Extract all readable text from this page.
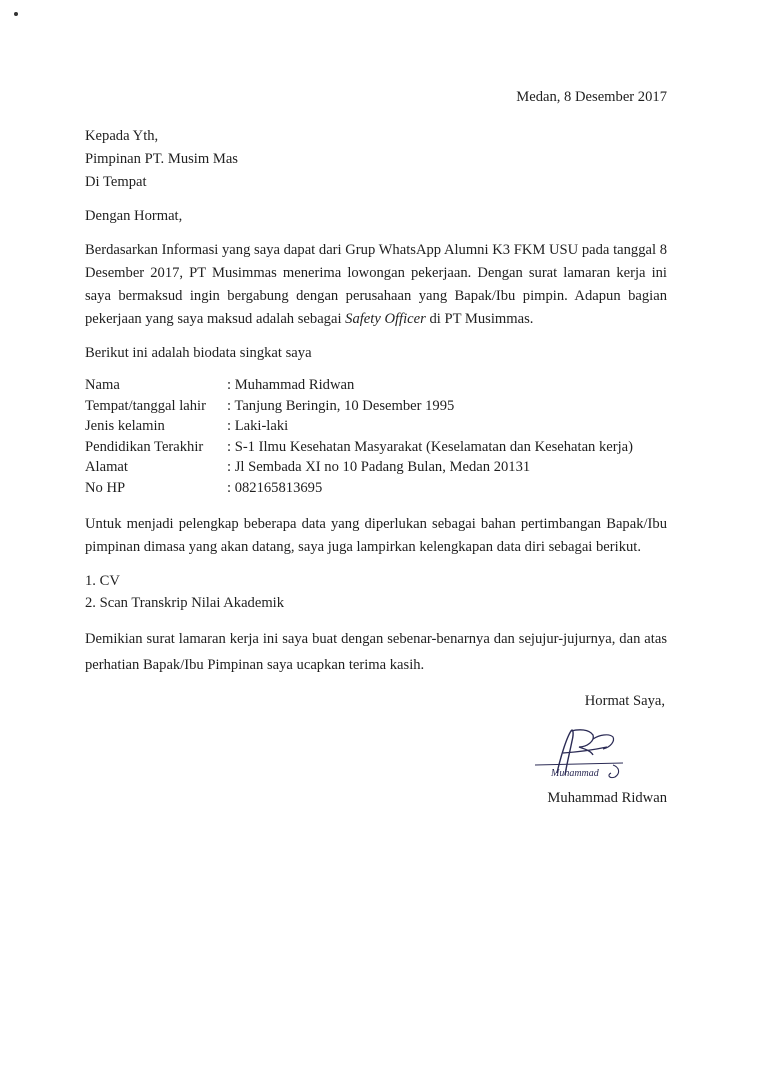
Medan, 8 Desember 2017
Kepada Yth,
Pimpinan PT. Musim Mas
Di Tempat
Dengan Hormat,
Berdasarkan Informasi yang saya dapat dari Grup WhatsApp Alumni K3 FKM USU pada tanggal 8 Desember 2017, PT Musimmas menerima lowongan pekerjaan. Dengan surat lamaran kerja ini saya bermaksud ingin bergabung dengan perusahaan yang Bapak/Ibu pimpin. Adapun bagian pekerjaan yang saya maksud adalah sebagai Safety Officer di PT Musimmas.
Berikut ini adalah biodata singkat saya
Nama	: Muhammad Ridwan
Tempat/tanggal lahir	: Tanjung Beringin, 10 Desember 1995
Jenis kelamin	: Laki-laki
Pendidikan Terakhir	: S-1 Ilmu Kesehatan Masyarakat (Keselamatan dan Kesehatan kerja)
Alamat	: Jl Sembada XI no 10 Padang Bulan, Medan 20131
No HP	: 082165813695
Untuk menjadi pelengkap beberapa data yang diperlukan sebagai bahan pertimbangan Bapak/Ibu pimpinan dimasa yang akan datang, saya juga lampirkan kelengkapan data diri sebagai berikut.
1. CV
2. Scan Transkrip Nilai Akademik
Demikian surat lamaran kerja ini saya buat dengan sebenar-benarnya dan sejujur-jujurnya, dan atas perhatian Bapak/Ibu Pimpinan saya ucapkan terima kasih.
Hormat Saya,
Muhammad
Muhammad Ridwan
